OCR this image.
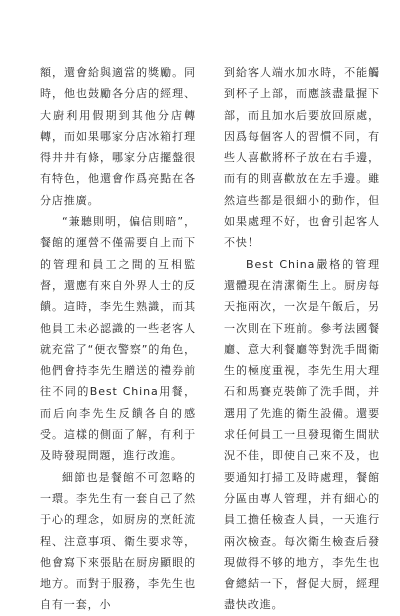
額，還會給與適當的獎勵。同時，他也鼓勵各分店的經理、大廚利用假期到其他分店轉轉，而如果哪家分店冰箱打理得井井有條，哪家分店擺盤很有特色，他還會作爲亮點在各分店推廣。

“兼聽則明，偏信則暗”，餐館的運營不僅需要自上而下的管理和員工之間的互相監督，還應有來自外界人士的反饋。這時，李先生熟識，而其他員工未必認識的一些老客人就充當了“便衣警察”的角色，他們會持李先生贈送的禮券前往不同的Best China用餐，而后向李先生反饋各自的感受。這樣的側面了解，有利于及時發現問題，進行改進。

細節也是餐館不可忽略的一環。李先生有一套自己了然于心的理念，如厨房的烹飪流程、注意事項、衛生要求等，他會寫下來張貼在厨房顯眼的地方。而對于服務，李先生也自有一套，小

到給客人端水加水時，不能觸到杯子上部，而應該盡量握下部，而且加水后要放回原處，因爲每個客人的習慣不同，有些人喜歡將杯子放在右手邊，而有的則喜歡放在左手邊。雖然這些都是很細小的動作，但如果處理不好，也會引起客人不快！

Best China嚴格的管理還體現在清潔衛生上。厨房每天拖兩次，一次是午飯后，另一次則在下班前。參考法國餐廳、意大利餐廳等對洗手間衛生的極度重視，李先生用大理石和馬賽克裝飾了洗手間，并選用了先進的衛生設備。還要求任何員工一旦發現衛生間狀況不佳，即使自己來不及，也要通知打掃工及時處理，餐館分區由專人管理，并有細心的員工擔任檢查人員，一天進行兩次檢查。每次衛生檢查后發現做得不够的地方，李先生也會總結一下，督促大厨，經理盡快改進。
